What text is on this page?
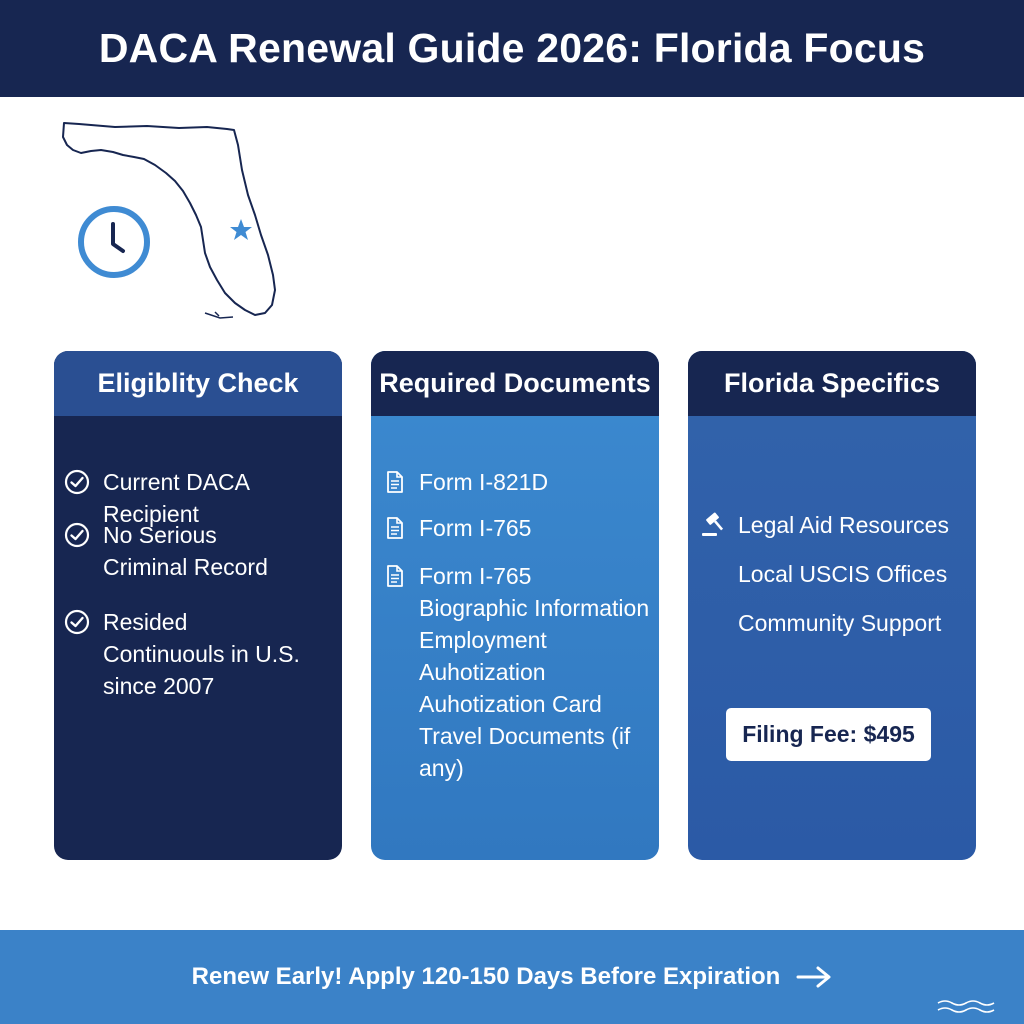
DACA Renewal Guide 2026: Florida Focus
Eligiblity Check
Current DACA Recipient
No Serious
Criminal Record
Resided
Continuouls in U.S.
since 2007
Required Documents
Form I-821D
Form I-765
Form I-765
Biographic Information
Employment Auhotization
Auhotization Card
Travel Documents (if any)
Florida Specifics
Legal Aid Resources
Local USCIS Offices
Community Support
Filing Fee: $495
Renew Early! Apply 120-150 Days Before Expiration
